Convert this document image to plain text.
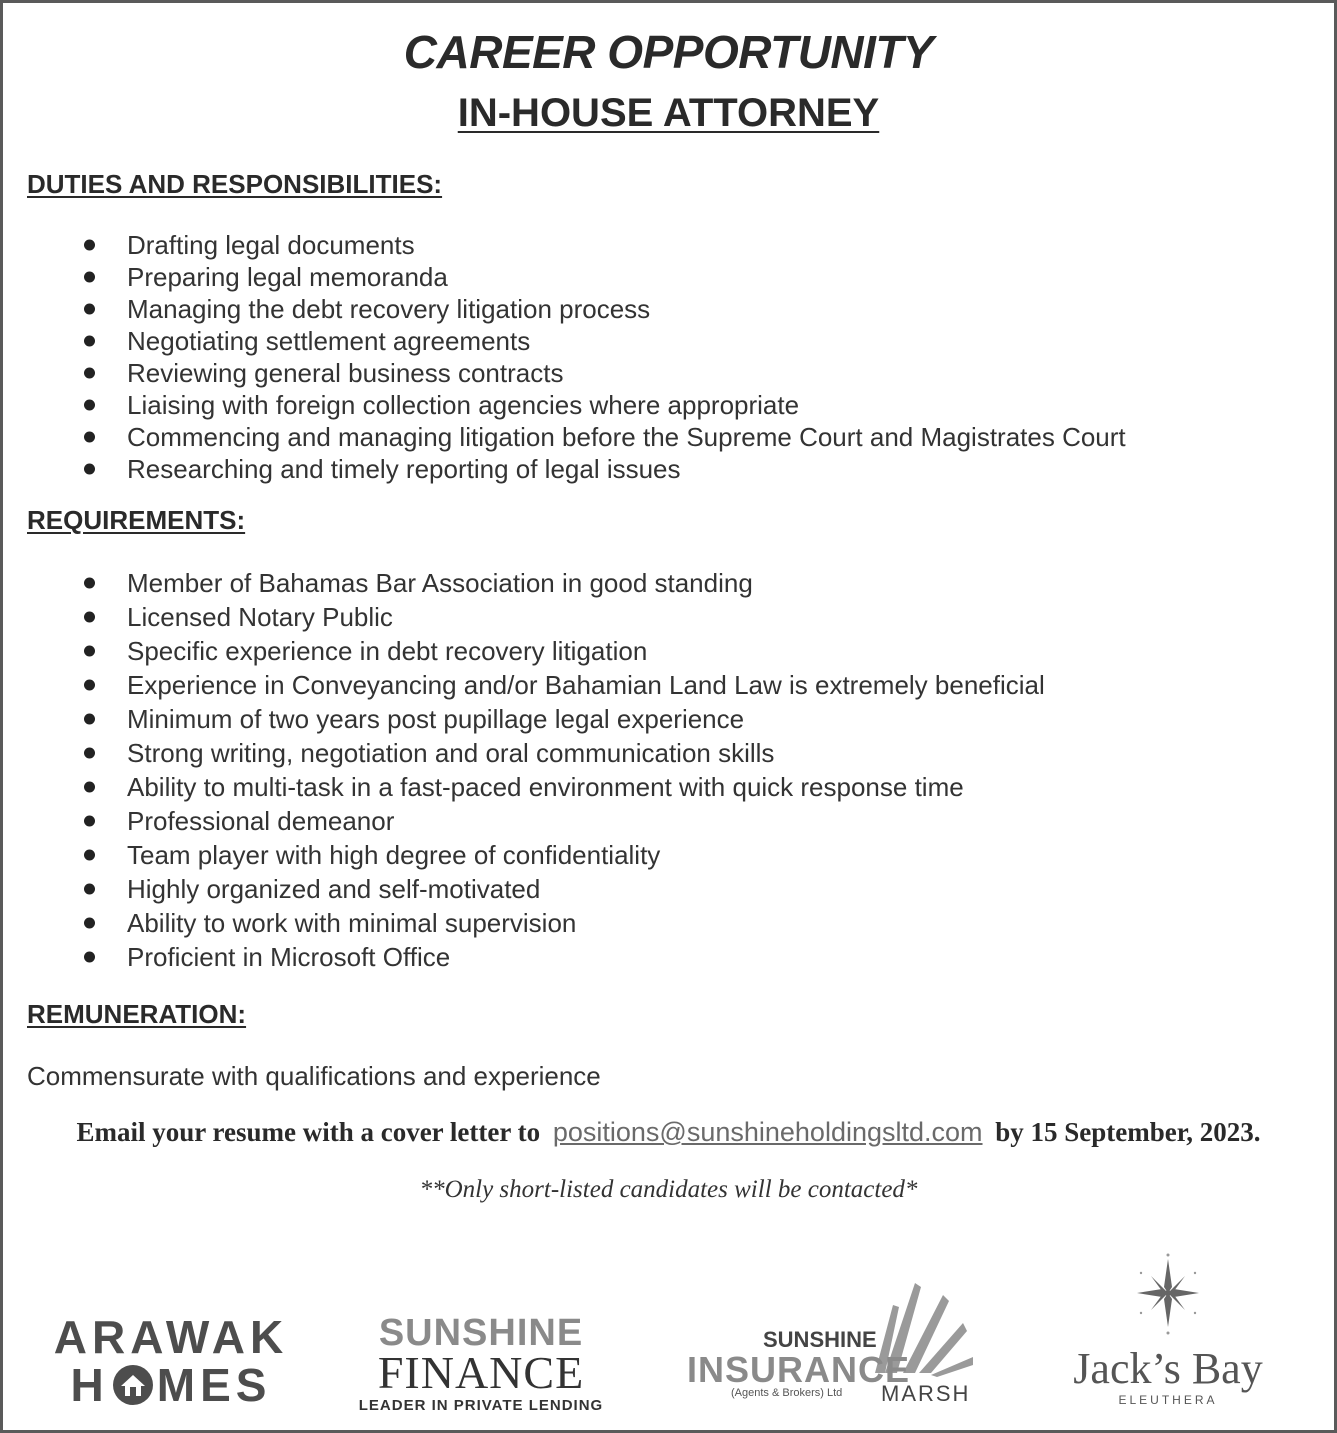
CAREER OPPORTUNITY
IN-HOUSE ATTORNEY
DUTIES AND RESPONSIBILITIES:
Drafting legal documents
Preparing legal memoranda
Managing the debt recovery litigation process
Negotiating settlement agreements
Reviewing general business contracts
Liaising with foreign collection agencies where appropriate
Commencing and managing litigation before the Supreme Court and Magistrates Court
Researching and timely reporting of legal issues
REQUIREMENTS:
Member of Bahamas Bar Association in good standing
Licensed Notary Public
Specific experience in debt recovery litigation
Experience in Conveyancing and/or Bahamian Land Law is extremely beneficial
Minimum of two years post pupillage legal experience
Strong writing, negotiation and oral communication skills
Ability to multi-task in a fast-paced environment with quick response time
Professional demeanor
Team player with high degree of confidentiality
Highly organized and self-motivated
Ability to work with minimal supervision
Proficient in Microsoft Office
REMUNERATION:

Commensurate with qualifications and experience

Email your resume with a cover letter to positions@sunshineholdingsltd.com by 15 September, 2023.
**Only short-listed candidates will be contacted*
ARAWAK
H MES
SUNSHINE
FINANCE
LEADER IN PRIVATE LENDING
SUNSHINE
INSURANCE
(Agents & Brokers) Ltd MARSH
Jack’s Bay
ELEUTHERA
